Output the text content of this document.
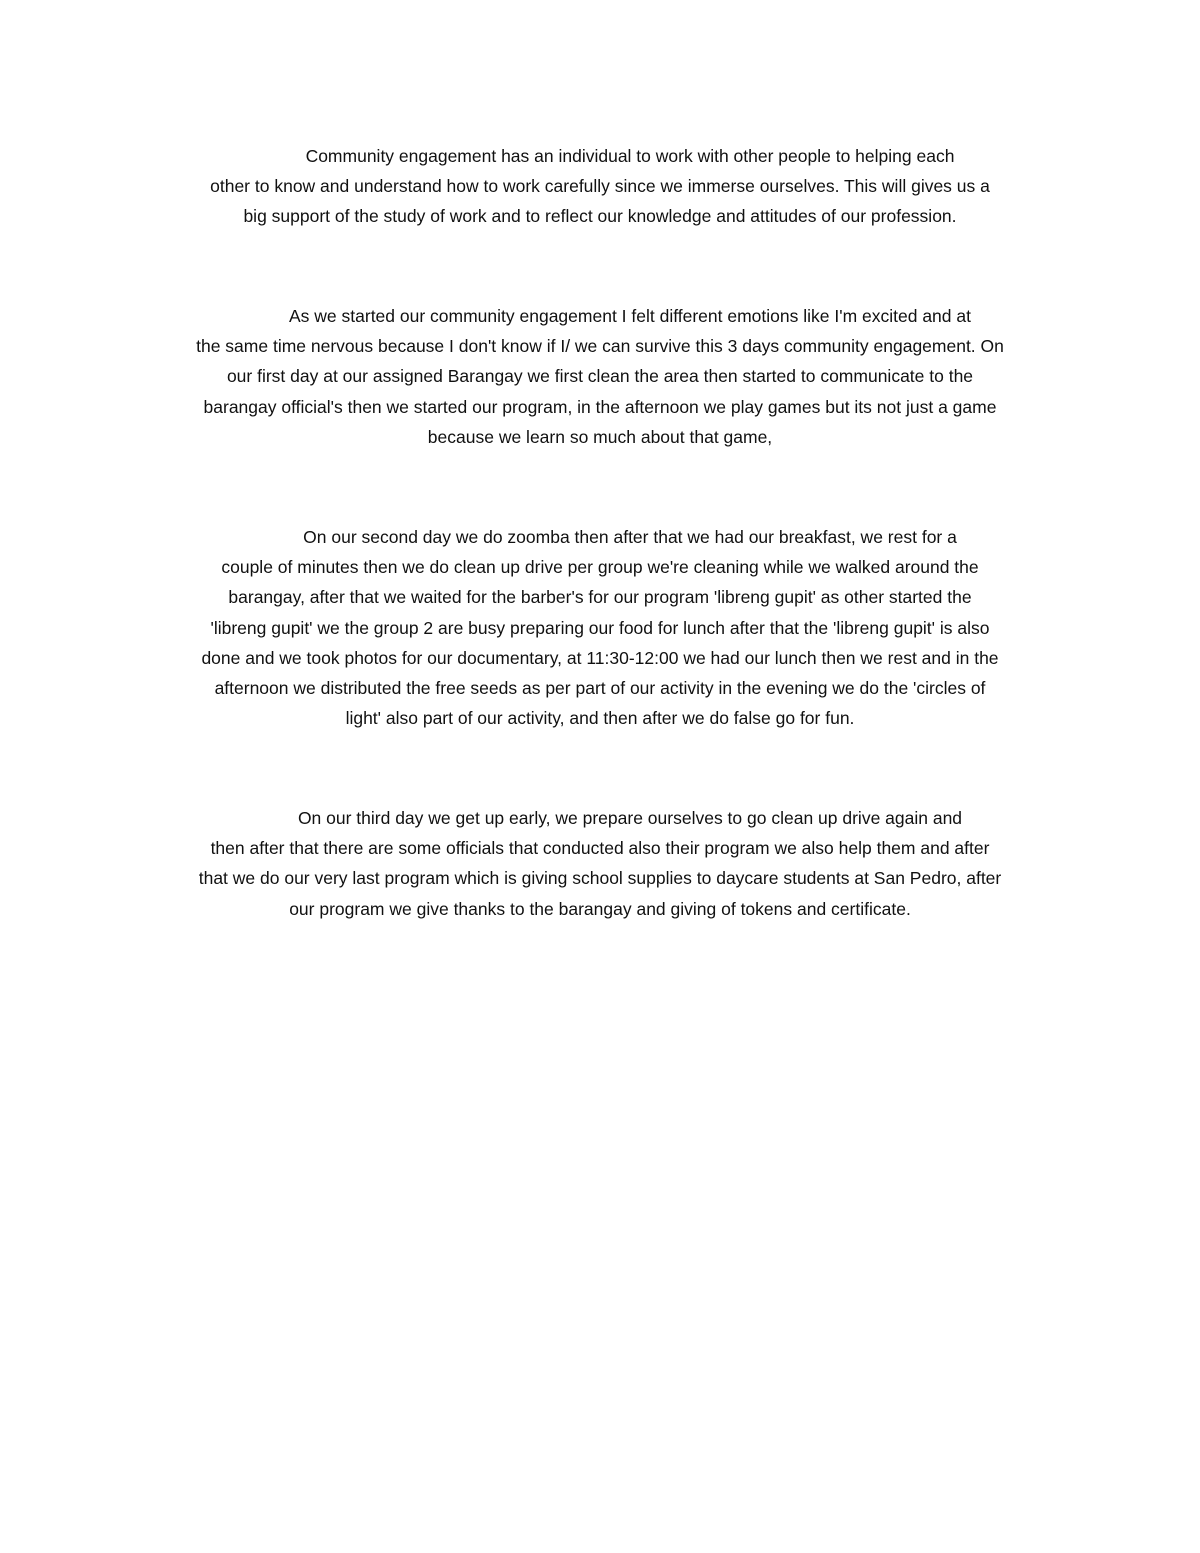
Community engagement has an individual to work with other people to helping each
other to know and understand how to work carefully since we immerse ourselves. This will gives us a
big support of the study of work and to reflect our knowledge and attitudes of our profession.

As we started our community engagement I felt different emotions like I'm excited and at
the same time nervous because I don't know if I/ we can survive this 3 days community engagement. On
our first day at our assigned Barangay we first clean the area then started to communicate to the
barangay official's then we started our program, in the afternoon we play games but its not just a game
because we learn so much about that game,

On our second day we do zoomba then after that we had our breakfast, we rest for a
couple of minutes then we do clean up drive per group we're cleaning while we walked around the
barangay, after that we waited for the barber's for our program 'libreng gupit' as other started the
'libreng gupit' we the group 2 are busy preparing our food for lunch after that the 'libreng gupit' is also
done and we took photos for our documentary, at 11:30-12:00 we had our lunch then we rest and in the
afternoon we distributed the free seeds as per part of our activity in the evening we do the 'circles of
light' also part of our activity, and then after we do false go for fun.

On our third day we get up early, we prepare ourselves to go clean up drive again and
then after that there are some officials that conducted also their program we also help them and after
that we do our very last program which is giving school supplies to daycare students at San Pedro, after
our program we give thanks to the barangay and giving of tokens and certificate.
